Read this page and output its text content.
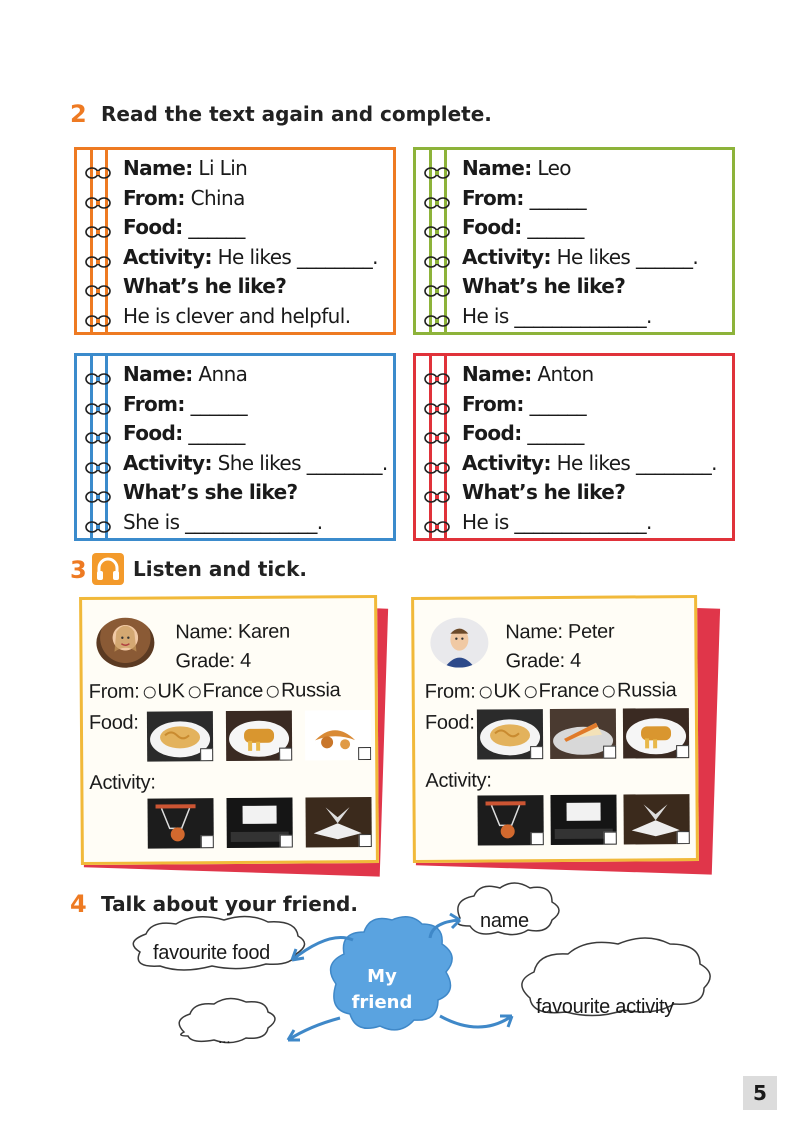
2 Read the text again and complete.
Name: Li Lin
From: China
Food: ______
Activity: He likes ________.
What’s he like?
He is clever and helpful.
Name: Leo
From: ______
Food: ______
Activity: He likes ______.
What’s he like?
He is ______________.
Name: Anna
From: ______
Food: ______
Activity: She likes ________.
What’s she like?
She is ______________.
Name: Anton
From: ______
Food: ______
Activity: He likes ________.
What’s he like?
He is ______________.
3 Listen and tick.
Name: Karen
Grade: 4
From: UK France Russia
Food:
Activity:
Name: Peter
Grade: 4
From: UK France Russia
Food:
Activity:
4 Talk about your friend.
name
favourite food
favourite activity
...
My
friend
5
